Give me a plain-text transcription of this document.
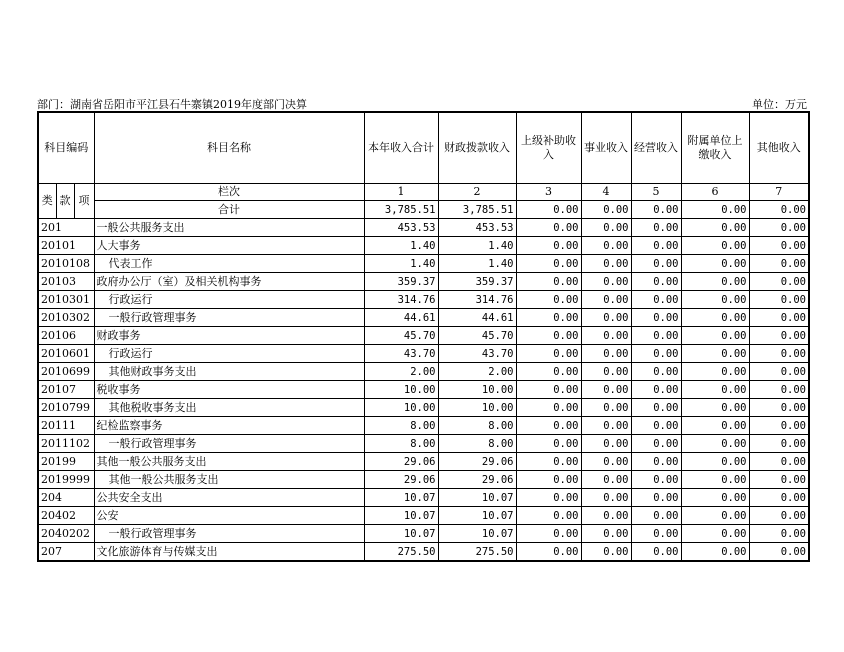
部门：湖南省岳阳市平江县石牛寨镇2019年度部门决算	单位：万元
科目编码			科目名称	本年收入合计	财政拨款收入	上级补助收入	事业收入	经营收入	附属单位上缴收入	其他收入
类	款	项	栏次	1	2	3	4	5	6	7
			合计	3,785.51	3,785.51	0.00	0.00	0.00	0.00	0.00
201			一般公共服务支出	453.53	453.53	0.00	0.00	0.00	0.00	0.00
20101			人大事务	1.40	1.40	0.00	0.00	0.00	0.00	0.00
2010108			代表工作	1.40	1.40	0.00	0.00	0.00	0.00	0.00
20103			政府办公厅（室）及相关机构事务	359.37	359.37	0.00	0.00	0.00	0.00	0.00
2010301			行政运行	314.76	314.76	0.00	0.00	0.00	0.00	0.00
2010302			一般行政管理事务	44.61	44.61	0.00	0.00	0.00	0.00	0.00
20106			财政事务	45.70	45.70	0.00	0.00	0.00	0.00	0.00
2010601			行政运行	43.70	43.70	0.00	0.00	0.00	0.00	0.00
2010699			其他财政事务支出	2.00	2.00	0.00	0.00	0.00	0.00	0.00
20107			税收事务	10.00	10.00	0.00	0.00	0.00	0.00	0.00
2010799			其他税收事务支出	10.00	10.00	0.00	0.00	0.00	0.00	0.00
20111			纪检监察事务	8.00	8.00	0.00	0.00	0.00	0.00	0.00
2011102			一般行政管理事务	8.00	8.00	0.00	0.00	0.00	0.00	0.00
20199			其他一般公共服务支出	29.06	29.06	0.00	0.00	0.00	0.00	0.00
2019999			其他一般公共服务支出	29.06	29.06	0.00	0.00	0.00	0.00	0.00
204			公共安全支出	10.07	10.07	0.00	0.00	0.00	0.00	0.00
20402			公安	10.07	10.07	0.00	0.00	0.00	0.00	0.00
2040202			一般行政管理事务	10.07	10.07	0.00	0.00	0.00	0.00	0.00
207			文化旅游体育与传媒支出	275.50	275.50	0.00	0.00	0.00	0.00	0.00
